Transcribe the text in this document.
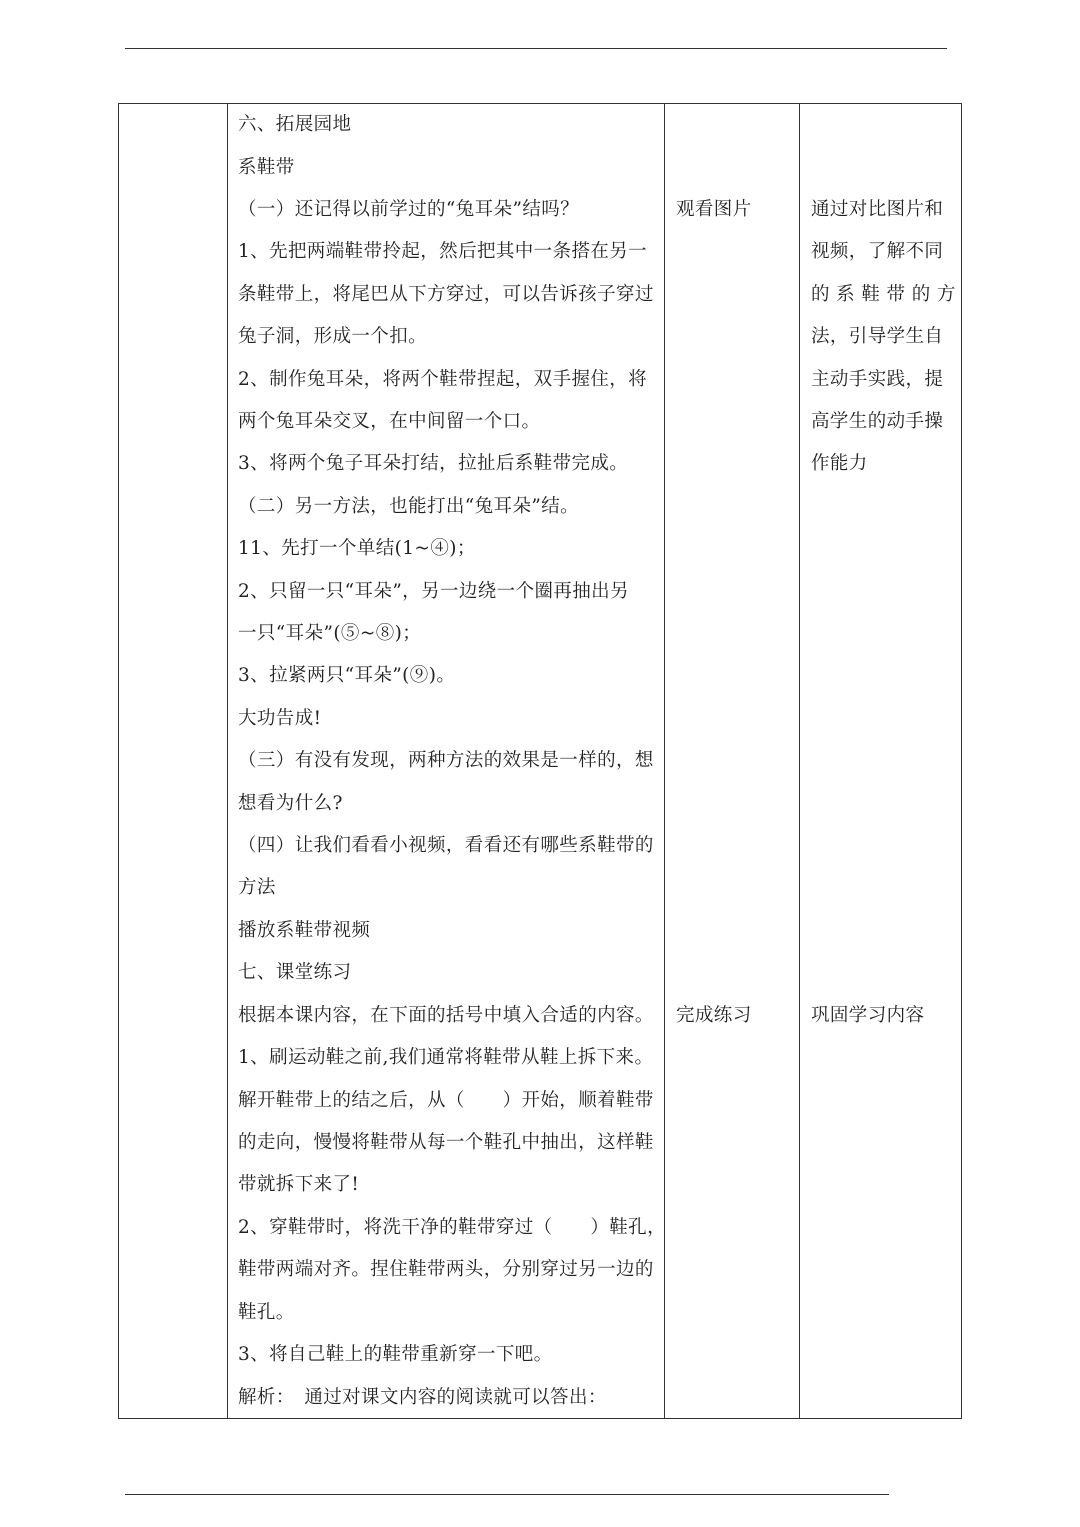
六、拓展园地
系鞋带
（一）还记得以前学过的“兔耳朵”结吗？
1、先把两端鞋带拎起，然后把其中一条搭在另一
条鞋带上，将尾巴从下方穿过，可以告诉孩子穿过
兔子洞，形成一个扣。
2、制作兔耳朵，将两个鞋带捏起，双手握住，将
两个兔耳朵交叉，在中间留一个口。
3、将两个兔子耳朵打结，拉扯后系鞋带完成。
（二）另一方法，也能打出“兔耳朵”结。
11、先打一个单结(1~④)；
2、只留一只“耳朵”，另一边绕一个圈再抽出另
一只“耳朵”(⑤~⑧)；
3、拉紧两只“耳朵”(⑨)。
大功告成!
（三）有没有发现，两种方法的效果是一样的，想
想看为什么?
（四）让我们看看小视频，看看还有哪些系鞋带的
方法
播放系鞋带视频
七、课堂练习
根据本课内容，在下面的括号中填入合适的内容。
1、刷运动鞋之前,我们通常将鞋带从鞋上拆下来。
解开鞋带上的结之后，从（　　）开始，顺着鞋带
的走向，慢慢将鞋带从每一个鞋孔中抽出，这样鞋
带就拆下来了!
2、穿鞋带时，将洗干净的鞋带穿过（　　）鞋孔，
鞋带两端对齐。捏住鞋带两头，分别穿过另一边的
鞋孔。
3、将自己鞋上的鞋带重新穿一下吧。
解析：　通过对课文内容的阅读就可以答出：
观看图片
完成练习
通过对比图片和
视频，了解不同
的 系 鞋 带 的 方
法，引导学生自
主动手实践，提
高学生的动手操
作能力
巩固学习内容
